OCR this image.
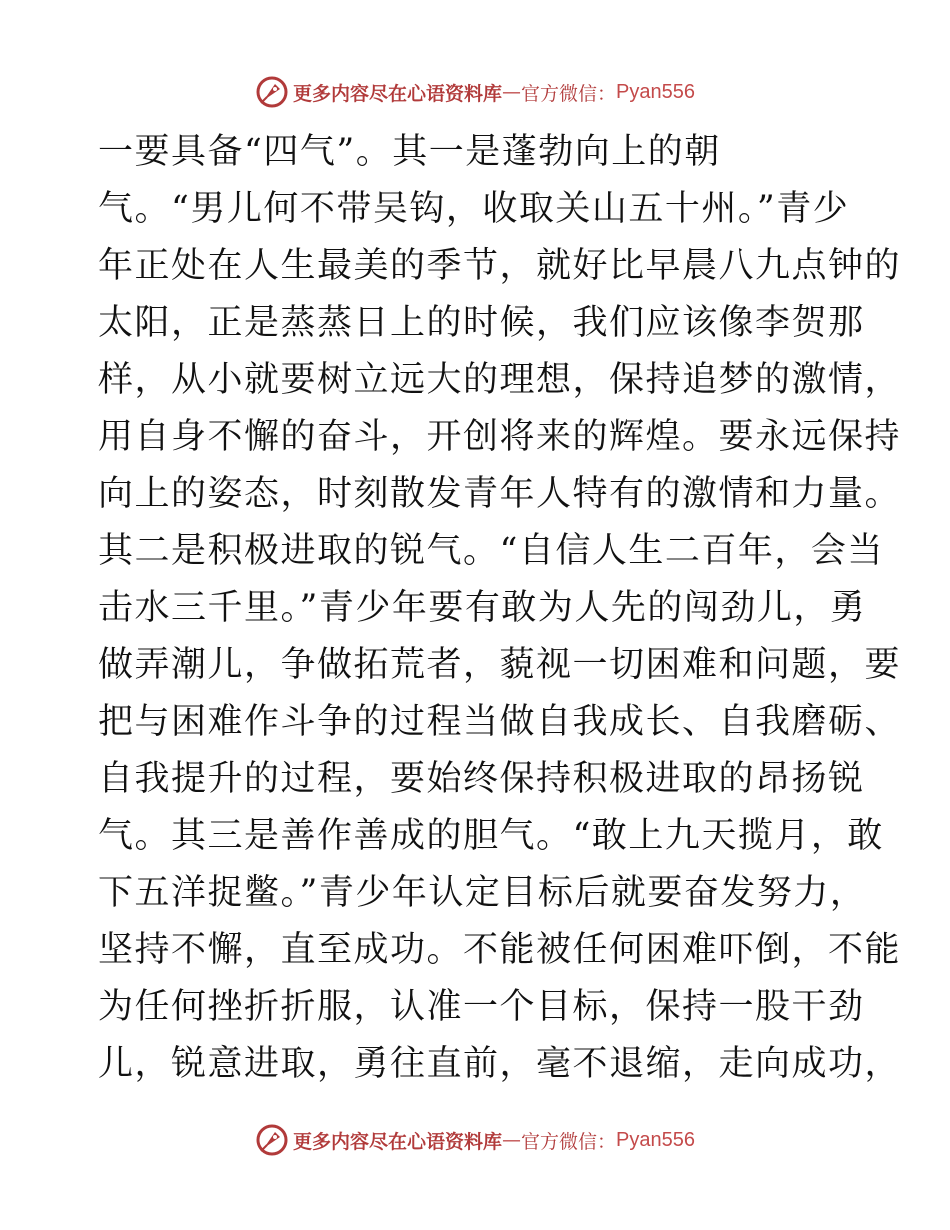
更多内容尽在心语资料库 — 官方微信： Pyan556
一要具备“四气”。其一是蓬勃向上的朝
气。“男儿何不带吴钩，收取关山五十州。”青少
年正处在人生最美的季节，就好比早晨八九点钟的
太阳，正是蒸蒸日上的时候，我们应该像李贺那
样，从小就要树立远大的理想，保持追梦的激情，
用自身不懈的奋斗，开创将来的辉煌。要永远保持
向上的姿态，时刻散发青年人特有的激情和力量。
其二是积极进取的锐气。“自信人生二百年，会当
击水三千里。”青少年要有敢为人先的闯劲儿，勇
做弄潮儿，争做拓荒者，藐视一切困难和问题，要
把与困难作斗争的过程当做自我成长、自我磨砺、
自我提升的过程，要始终保持积极进取的昂扬锐
气。其三是善作善成的胆气。“敢上九天揽月，敢
下五洋捉鳖。”青少年认定目标后就要奋发努力，
坚持不懈，直至成功。不能被任何困难吓倒，不能
为任何挫折折服，认准一个目标，保持一股干劲
儿，锐意进取，勇往直前，毫不退缩，走向成功，
更多内容尽在心语资料库 — 官方微信： Pyan556
